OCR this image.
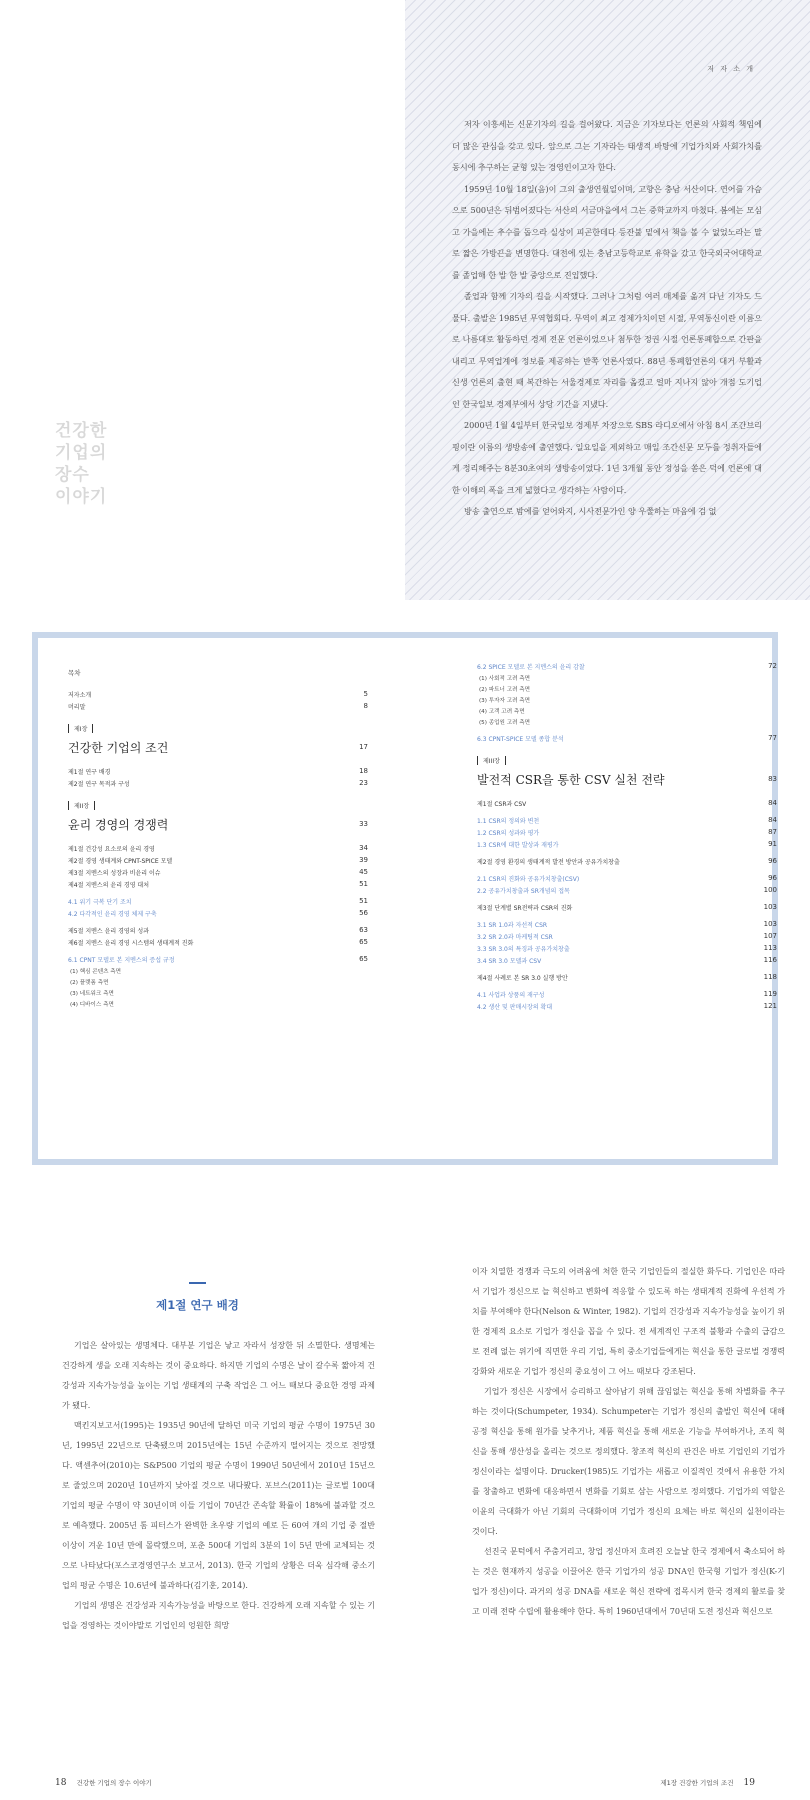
건강한
기업의
장수
이야기
저 자 소 개

저자 이흥세는 신문기자의 길을 걸어왔다. 지금은 기자보다는 언론의 사회적 책임에 더 많은 관심을 갖고 있다. 앞으로 그는 기자라는 태생적 바탕에 기업가치와 사회가치를 동시에 추구하는 균형 있는 경영인이고자 한다.

1959년 10월 18일(음)이 그의 출생연월일이며, 고향은 충남 서산이다. 연어를 가슴으로 500년은 뒤범어졌다는 서산의 서금마을에서 그는 중학교까지 마쳤다. 봄에는 모심고 가을에는 추수를 돕으라 실상이 피곤한데다 등잔불 밑에서 책을 볼 수 없었노라는 말로 짧은 가방끈을 변명한다. 대전에 있는 충남고등학교로 유학을 갔고 한국외국어대학교를 졸업해 한 발 한 발 중앙으로 진입했다.

졸업과 함께 기자의 길을 시작했다. 그러나 그처럼 여러 매체를 옮겨 다닌 기자도 드물다. 출발은 1985년 무역협회다. 무역이 최고 경제가치이던 시절, 무역통신이란 이름으로 나름대로 활동하던 경제 전문 언론이었으나 첨투한 정권 시절 언론통폐합으로 간판을 내리고 무역업계에 정보를 제공하는 반쪽 언론사였다. 88년 통폐합언론의 대거 부활과 신생 언론의 출현 때 복간하는 서울경제로 자리를 옮겼고 얼마 지나지 않아 개점 도기업인 한국일보 경제부에서 상당 기간을 지냈다.

2000년 1월 4일부터 한국일보 경제부 차장으로 SBS 라디오에서 아침 8시 조간브리핑이란 이름의 생방송에 출연했다. 일요일을 제외하고 매일 조간신문 모두를 정취자들에게 정리해주는 8분30초여의 생방송이었다. 1년 3개월 동안 정성을 쏟은 덕에 언론에 대한 이해의 폭을 크게 넓혔다고 생각하는 사람이다.

방송 출연으로 밤에를 얻어와지, 시사전문가인 양 우쭐하는 마음에 검 없

목차
저자소개	5
머리말	8
제I장
건강한 기업의 조건	17
제1절 연구 배경	18
제2절 연구 목적과 구성	23
제II장
윤리 경영의 경쟁력	33
제1절 건강성 요소로의 윤리 경영	34
제2절 경영 생태계와 CPNT-SPICE 모델	39
제3절 지멘스의 성장과 비윤리 이슈	45
제4절 지멘스의 윤리 경영 대처	51
4.1 위기 극복 단기 조치	51
4.2 다각적인 윤리 경영 체제 구축	56
제5절 지멘스 윤리 경영의 성과	63
제6절 지멘스 윤리 경영 시스템의 생태계적 진화	65
6.1 CPNT 모델로 본 지멘스의 증섭 규정	65
(1) 핵심 콘텐츠 측면
(2) 플랫폼 측면
(3) 네트워크 측면
(4) 디바이스 측면
6.2 SPICE 모델로 본 지멘스의 윤리 감찰	72
(1) 사회적 고려 측면
(2) 파트너 고려 측면
(3) 투자자 고려 측면
(4) 고객 고려 측면
(5) 종업원 고려 측면
6.3 CPNT-SPICE 모델 종합 분석	77
제III장
발전적 CSR을 통한 CSV 실천 전략	83
제1절 CSR과 CSV	84
1.1 CSR의 정의와 변천	84
1.2 CSR의 성과와 평가	87
1.3 CSR에 대한 발상과 재평가	91
제2절 경영 환경의 생태계적 발전 방안과 공유가치창출	96
2.1 CSR의 진화와 공유가치창출(CSV)	96
2.2 공유가치창출과 SR개념의 접목	100
제3절 단계별 SR전략과 CSR의 진화	103
3.1 SR 1.0과 자선적 CSR	103
3.2 SR 2.0과 마케팅적 CSR	107
3.3 SR 3.0의 특징과 공유가치창출	113
3.4 SR 3.0 모델과 CSV	116
제4절 사례로 본 SR 3.0 실행 방안	118
4.1 사업과 상품의 재구성	119
4.2 생산 및 판매시장의 확대	121
제1절 연구 배경

기업은 살아있는 생명체다. 대부분 기업은 낳고 자라서 성장한 뒤 소멸한다. 생명체는 건강하게 생을 오래 지속하는 것이 중요하다. 하지만 기업의 수명은 날이 갈수록 짧아져 건강성과 지속가능성을 높이는 기업 생태계의 구축 작업은 그 어느 때보다 중요한 경영 과제가 됐다.

맥킨지보고서(1995)는 1935년 90년에 달하던 미국 기업의 평균 수명이 1975년 30년, 1995년 22년으로 단축됐으며 2015년에는 15년 수준까지 떨어지는 것으로 전망했다. 액센추어(2010)는 S&P500 기업의 평균 수명이 1990년 50년에서 2010년 15년으로 줄었으며 2020년 10년까지 낮아질 것으로 내다봤다. 포브스(2011)는 글로벌 100대 기업의 평균 수명이 약 30년이며 이들 기업이 70년간 존속할 확률이 18%에 불과할 것으로 예측했다. 2005년 톰 피터스가 완벽한 초우량 기업의 예로 든 60여 개의 기업 중 절반 이상이 겨운 10년 만에 몰락했으며, 포춘 500대 기업의 3분의 1이 5년 만에 교체되는 것으로 나타났다(포스코경영연구소 보고서, 2013). 한국 기업의 상황은 더욱 심각해 중소기업의 평균 수명은 10.6년에 불과하다(김기훈, 2014).

기업의 생명은 건강성과 지속가능성을 바탕으로 한다. 건강하게 오래 지속할 수 있는 기업을 경영하는 것이야말로 기업인의 엉원한 희망

이자 치열한 경쟁과 극도의 어려움에 처한 한국 기업인들의 절실한 화두다. 기업인은 따라서 기업가 정신으로 늘 혁신하고 변화에 적응할 수 있도록 하는 생태계적 진화에 우선적 가치를 부여해야 한다(Nelson & Winter, 1982). 기업의 건강성과 지속가능성을 높이기 위한 경제적 요소로 기업가 정신을 꼽을 수 있다. 전 세계적인 구조적 불황과 수출의 급감으로 전례 없는 위기에 직면한 우리 기업, 특히 중소기업들에게는 혁신을 통한 글로벌 경쟁력 강화와 새로운 기업가 정신의 중요성이 그 어느 때보다 강조된다.

기업가 정신은 시장에서 승리하고 살아남기 위해 끊임없는 혁신을 통해 차별화를 추구하는 것이다(Schumpeter, 1934). Schumpeter는 기업가 정신의 출발인 혁신에 대해 공정 혁신을 통해 원가를 낮추거나, 제품 혁신을 통해 새로운 기능을 부여하거나, 조직 혁신을 통해 생산성을 올리는 것으로 정의했다. 창조적 혁신의 관건은 바로 기업인의 기업가 정신이라는 설명이다. Drucker(1985)도 기업가는 새롭고 이질적인 것에서 유용한 가치를 창출하고 변화에 대응하면서 변화를 기회로 삼는 사람으로 정의했다. 기업가의 역할은 이윤의 극대화가 아닌 기회의 극대화이며 기업가 정신의 요체는 바로 혁신의 실천이라는 것이다.

선진국 문턱에서 주춤거리고, 창업 정신마저 흐려진 오늘날 한국 경제에서 축소되어 하는 것은 현재까지 성공을 이끌어온 한국 기업가의 성공 DNA인 한국형 기업가 정신(K-기업가 정신)이다. 과거의 성공 DNA를 새로운 혁신 전략에 접목시켜 한국 경제의 활로를 찾고 미래 전략 수립에 활용해야 한다. 특히 1960년대에서 70년대 도전 정신과 혁신으로

18 건강한 기업의 장수 이야기	제1장 건강한 기업의 조건 19
